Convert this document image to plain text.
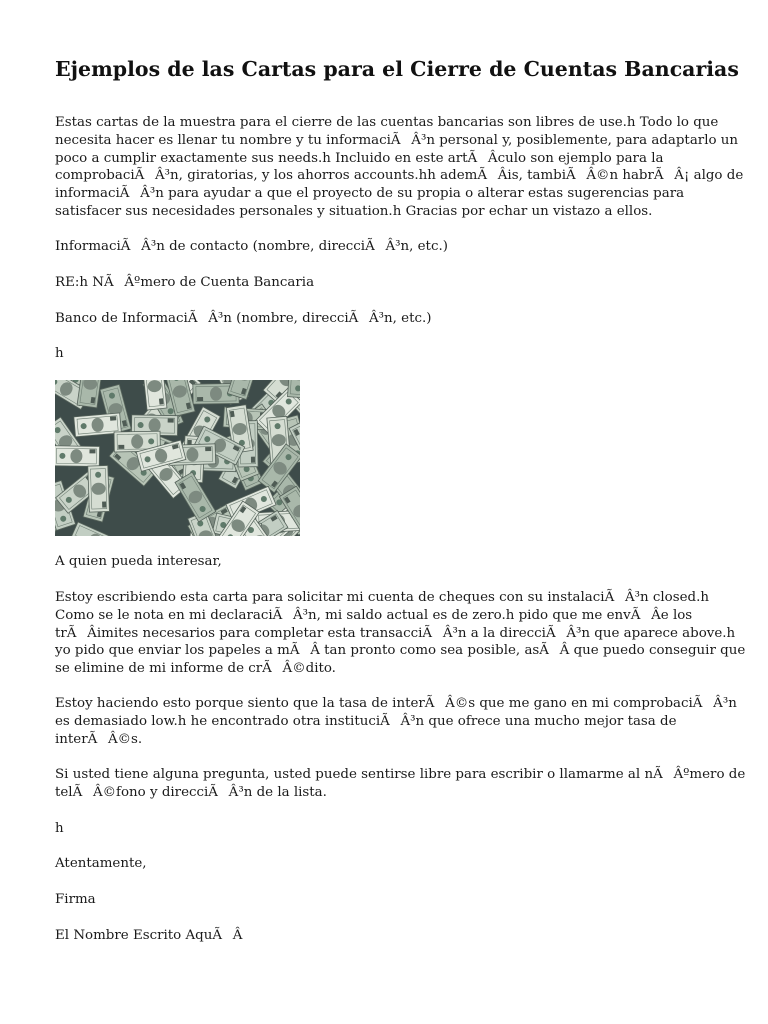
Ejemplos de las Cartas para el Cierre de Cuentas Bancarias

Estas cartas de la muestra para el cierre de las cuentas bancarias son libres de use.h Todo lo que
necesita hacer es llenar tu nombre y tu informaciÃÂ³n personal y, posiblemente, para adaptarlo un
poco a cumplir exactamente sus needs.h Incluido en este artÃÂculo son ejemplo para la
comprobaciÃÂ³n, giratorias, y los ahorros accounts.hh ademÃÂis, tambiÃÂ©n habrÃÂ¡ algo de
informaciÃÂ³n para ayudar a que el proyecto de su propia o alterar estas sugerencias para
satisfacer sus necesidades personales y situation.h Gracias por echar un vistazo a ellos.

InformaciÃÂ³n de contacto (nombre, direcciÃÂ³n, etc.)

RE:h NÃÂºmero de Cuenta Bancaria

Banco de InformaciÃÂ³n (nombre, direcciÃÂ³n, etc.)

h

A quien pueda interesar,

Estoy escribiendo esta carta para solicitar mi cuenta de cheques con su instalaciÃÂ³n closed.h
Como se le nota en mi declaraciÃÂ³n, mi saldo actual es de zero.h pido que me envÃÂe los
trÃÂimites necesarios para completar esta transacciÃÂ³n a la direcciÃÂ³n que aparece above.h
yo pido que enviar los papeles a mÃÂ tan pronto como sea posible, asÃÂ que puedo conseguir que
se elimine de mi informe de crÃÂ©dito.

Estoy haciendo esto porque siento que la tasa de interÃÂ©s que me gano en mi comprobaciÃÂ³n
es demasiado low.h he encontrado otra instituciÃÂ³n que ofrece una mucho mejor tasa de
interÃÂ©s.

Si usted tiene alguna pregunta, usted puede sentirse libre para escribir o llamarme al nÃÂºmero de
telÃÂ©fono y direcciÃÂ³n de la lista.

h

Atentamente,

Firma

El Nombre Escrito AquÃÂ
